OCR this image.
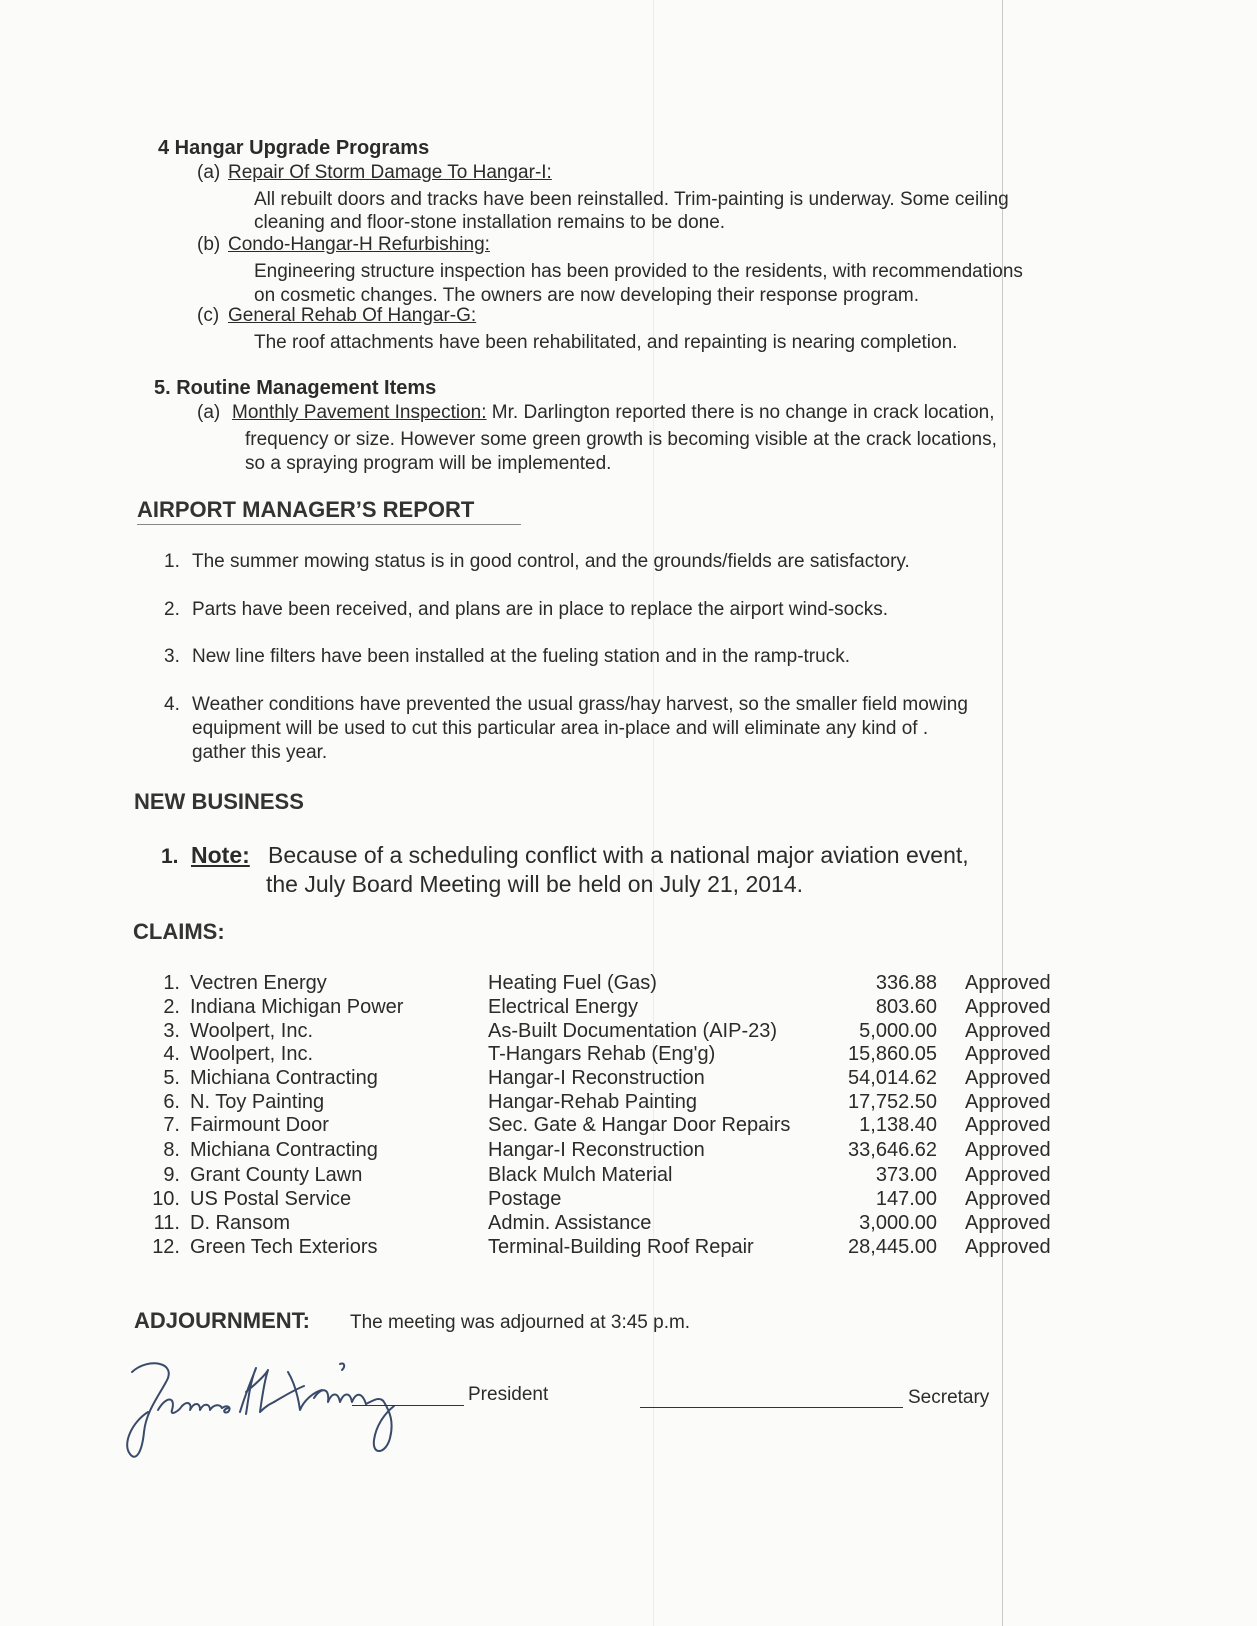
4 Hangar Upgrade Programs
(a) Repair Of Storm Damage To Hangar-I:
All rebuilt doors and tracks have been reinstalled. Trim-painting is underway. Some ceiling
cleaning and floor-stone installation remains to be done.
(b) Condo-Hangar-H Refurbishing:
Engineering structure inspection has been provided to the residents, with recommendations
on cosmetic changes. The owners are now developing their response program.
(c) General Rehab Of Hangar-G:
The roof attachments have been rehabilitated, and repainting is nearing completion.
5. Routine Management Items
(a) Monthly Pavement Inspection: Mr. Darlington reported there is no change in crack location,
frequency or size. However some green growth is becoming visible at the crack locations,
so a spraying program will be implemented.
AIRPORT MANAGER’S REPORT
1. The summer mowing status is in good control, and the grounds/fields are satisfactory.
2. Parts have been received, and plans are in place to replace the airport wind-socks.
3. New line filters have been installed at the fueling station and in the ramp-truck.
4. Weather conditions have prevented the usual grass/hay harvest, so the smaller field mowing
equipment will be used to cut this particular area in-place and will eliminate any kind of .
gather this year.
NEW BUSINESS
1. Note: Because of a scheduling conflict with a national major aviation event,
the July Board Meeting will be held on July 21, 2014.
CLAIMS:
1. Vectren Energy	Heating Fuel (Gas)	336.88 Approved
2. Indiana Michigan Power	Electrical Energy	803.60 Approved
3. Woolpert, Inc.	As-Built Documentation (AIP-23)	5,000.00 Approved
4. Woolpert, Inc.	T-Hangars Rehab (Eng'g)	15,860.05 Approved
5. Michiana Contracting	Hangar-I Reconstruction	54,014.62 Approved
6. N. Toy Painting	Hangar-Rehab Painting	17,752.50 Approved
7. Fairmount Door	Sec. Gate & Hangar Door Repairs	1,138.40 Approved
8. Michiana Contracting	Hangar-I Reconstruction	33,646.62 Approved
9. Grant County Lawn	Black Mulch Material	373.00 Approved
10. US Postal Service	Postage	147.00 Approved
11. D. Ransom	Admin. Assistance	3,000.00 Approved
12. Green Tech Exteriors	Terminal-Building Roof Repair	28,445.00 Approved
ADJOURNMENT: The meeting was adjourned at 3:45 p.m.
President	Secretary
